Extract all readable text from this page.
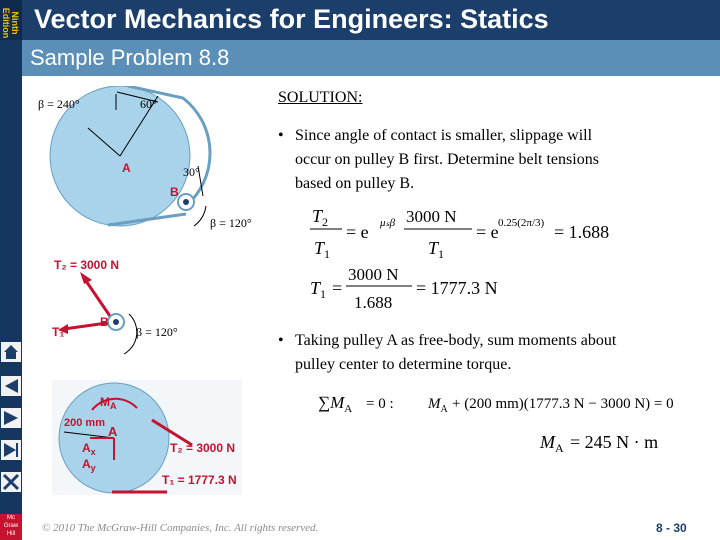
Ninth Edition
Mc Graw Hill
Vector Mechanics for Engineers: Statics
Sample Problem 8.8
β = 240°	60°
30°
β = 120°
A
B
T₂ = 3000 N
T₁
B
β = 120°
$M_A$
200 mm
A
$A_x$
$A_y$
T₂ = 3000 N
T₁ = 1777.3 N
SOLUTION:
• Since angle of contact is smaller, slippage will
occur on pulley B first. Determine belt tensions
based on pulley B.
$T_2$
$T_1$
= e μₛβ 3000 N
$T_1$
= e 0.25(2π/3) = 1.688
$T_1$ =
3000 N
1.688
= 1777.3 N
• Taking pulley A as free-body, sum moments about
pulley center to determine torque.
$\sum M_A = 0$ : $M_A + (200$ mm)(1777.3 N − 3000 N) = 0
$M_A = 245$ N · m
© 2010 The McGraw-Hill Companies, Inc. All rights reserved.	8 - 30
